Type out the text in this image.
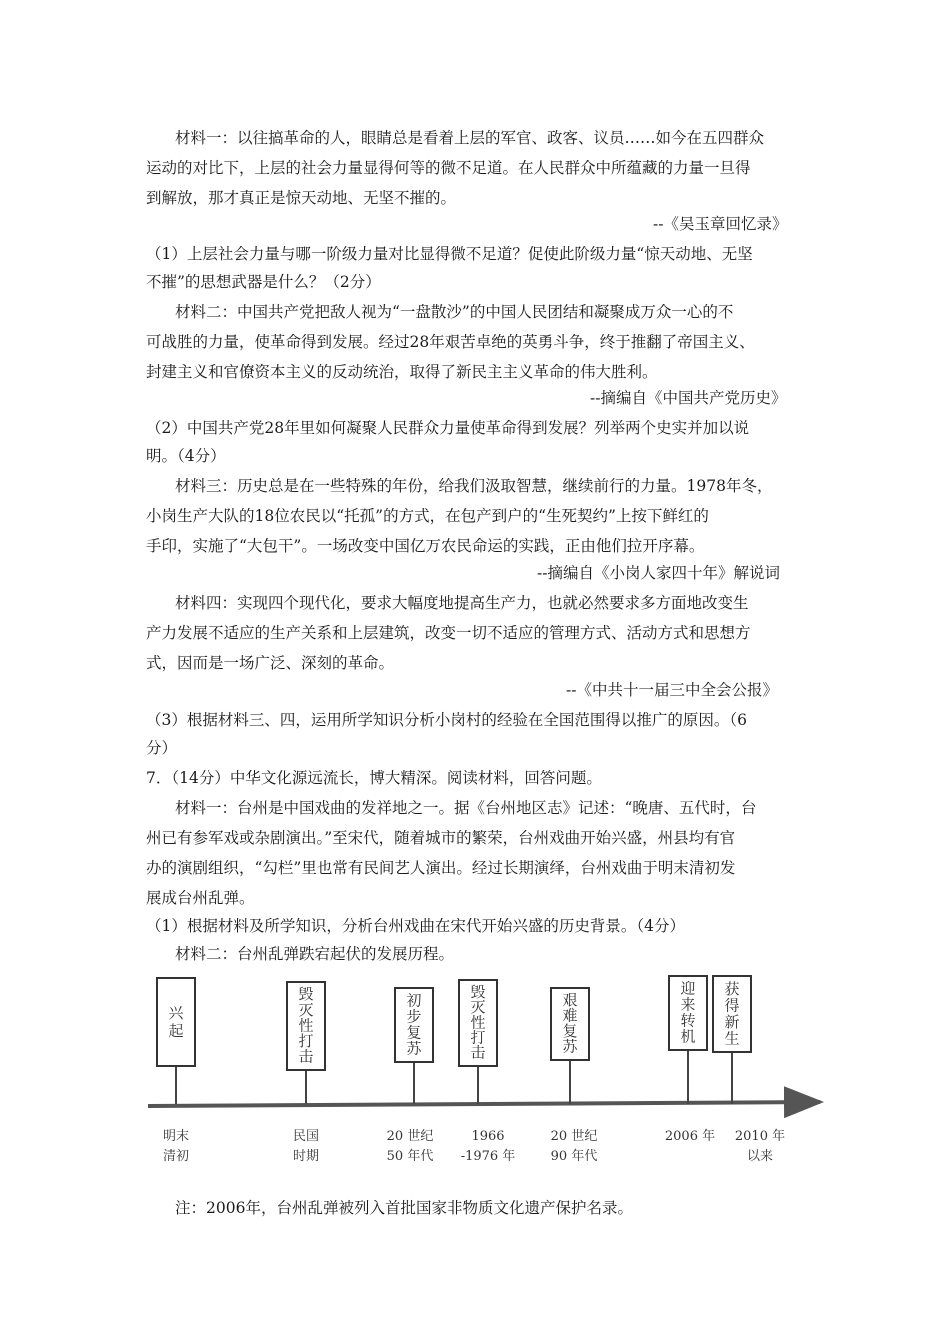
材料一：以往搞革命的人，眼睛总是看着上层的军官、政客、议员……如今在五四群众
运动的对比下，上层的社会力量显得何等的微不足道。在人民群众中所蕴藏的力量一旦得
到解放，那才真正是惊天动地、无坚不摧的。
--《吴玉章回忆录》
（1）上层社会力量与哪一阶级力量对比显得微不足道？促使此阶级力量“惊天动地、无坚
不摧”的思想武器是什么？（2分）
材料二：中国共产党把敌人视为“一盘散沙”的中国人民团结和凝聚成万众一心的不
可战胜的力量，使革命得到发展。经过28年艰苦卓绝的英勇斗争，终于推翻了帝国主义、
封建主义和官僚资本主义的反动统治，取得了新民主主义革命的伟大胜利。
--摘编自《中国共产党历史》
（2）中国共产党28年里如何凝聚人民群众力量使革命得到发展？列举两个史实并加以说
明。（4分）
材料三：历史总是在一些特殊的年份，给我们汲取智慧，继续前行的力量。1978年冬，
小岗生产大队的18位农民以“托孤”的方式，在包产到户的“生死契约”上按下鲜红的
手印，实施了“大包干”。一场改变中国亿万农民命运的实践，正由他们拉开序幕。
--摘编自《小岗人家四十年》解说词
材料四：实现四个现代化，要求大幅度地提高生产力，也就必然要求多方面地改变生
产力发展不适应的生产关系和上层建筑，改变一切不适应的管理方式、活动方式和思想方
式，因而是一场广泛、深刻的革命。
--《中共十一届三中全会公报》
（3）根据材料三、四，运用所学知识分析小岗村的经验在全国范围得以推广的原因。（6
分）
7．（14分）中华文化源远流长，博大精深。阅读材料，回答问题。
材料一：台州是中国戏曲的发祥地之一。据《台州地区志》记述：“晚唐、五代时，台
州已有参军戏或杂剧演出。”至宋代，随着城市的繁荣，台州戏曲开始兴盛，州县均有官
办的演剧组织，“勾栏”里也常有民间艺人演出。经过长期演绎，台州戏曲于明末清初发
展成台州乱弹。
（1）根据材料及所学知识，分析台州戏曲在宋代开始兴盛的历史背景。（4分）
材料二：台州乱弹跌宕起伏的发展历程。
兴
起
明末
清初
毁
灭
性
打
击
民国
时期
初
步
复
苏
20 世纪
50 年代
毁
灭
性
打
击
1966
-1976 年
艰
难
复
苏
20 世纪
90 年代
迎
来
转
机
2006 年
获
得
新
生
2010 年
以来
注：2006年，台州乱弹被列入首批国家非物质文化遗产保护名录。
